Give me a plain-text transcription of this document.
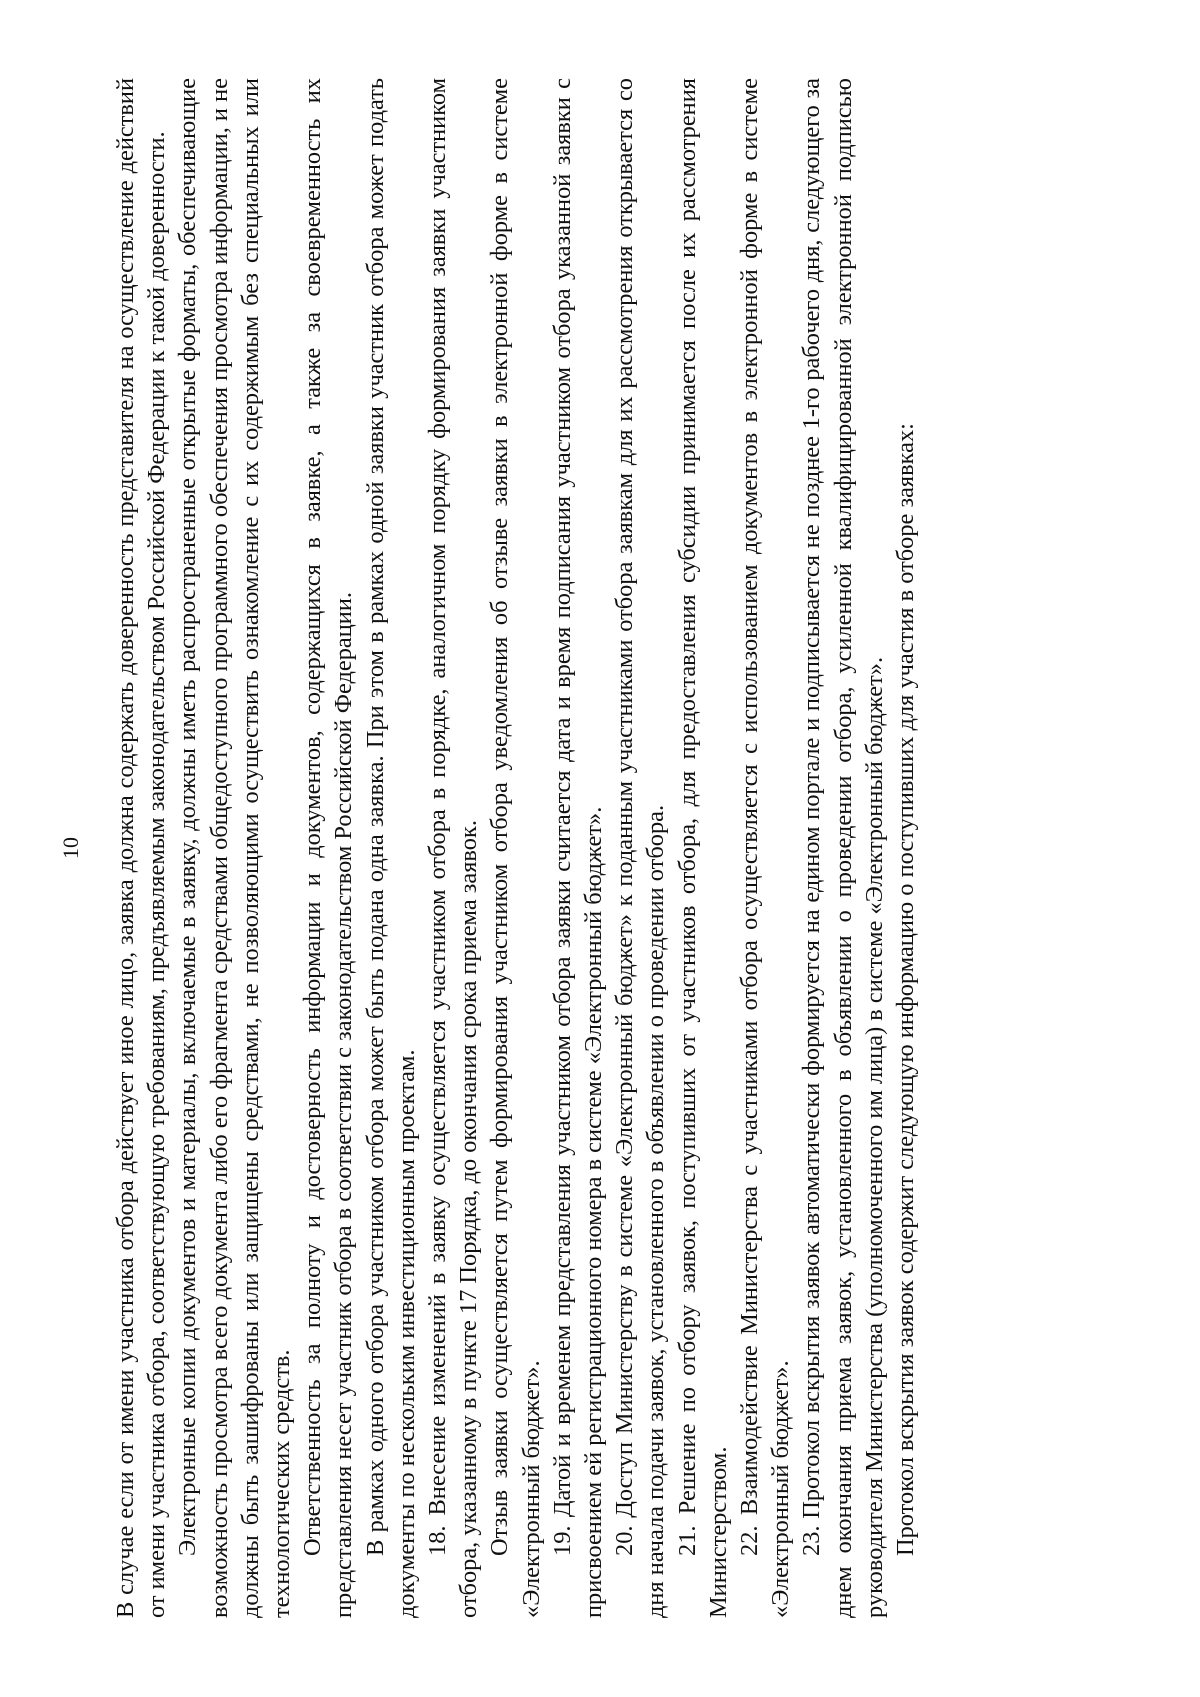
10 В случае если от имени участника отбора действует иное лицо, заявка должна содержать доверенность представителя на осуществление действий от имени участника отбора, соответствующую требованиям, предъявляемым законодательством Российской Федерации к такой доверенности. Электронные копии документов и материалы, включаемые в заявку, должны иметь распространенные открытые форматы, обеспечивающие возможность просмотра всего документа либо его фрагмента средствами общедоступного программного обеспечения просмотра информации, и не должны быть зашифрованы или защищены средствами, не позволяющими осуществить ознакомление с их содержимым без специальных или технологических средств. Ответственность за полноту и достоверность информации и документов, содержащихся в заявке, а также за своевременность их представления несет участник отбора в соответствии с законодательством Российской Федерации. В рамках одного отбора участником отбора может быть подана одна заявка. При этом в рамках одной заявки участник отбора может подать документы по нескольким инвестиционным проектам. 18. Внесение изменений в заявку осуществляется участником отбора в порядке, аналогичном порядку формирования заявки участником отбора, указанному в пункте 17 Порядка, до окончания срока приема заявок. Отзыв заявки осуществляется путем формирования участником отбора уведомления об отзыве заявки в электронной форме в системе «Электронный бюджет». 19. Датой и временем представления участником отбора заявки считается дата и время подписания участником отбора указанной заявки с присвоением ей регистрационного номера в системе «Электронный бюджет». 20. Доступ Министерству в системе «Электронный бюджет» к поданным участниками отбора заявкам для их рассмотрения открывается со дня начала подачи заявок, установленного в объявлении о проведении отбора. 21. Решение по отбору заявок, поступивших от участников отбора, для предоставления субсидии принимается после их рассмотрения Министерством. 22. Взаимодействие Министерства с участниками отбора осуществляется с использованием документов в электронной форме в системе «Электронный бюджет». 23. Протокол вскрытия заявок автоматически формируется на едином портале и подписывается не позднее 1-го рабочего дня, следующего за днем окончания приема заявок, установленного в объявлении о проведении отбора, усиленной квалифицированной электронной подписью руководителя Министерства (уполномоченного им лица) в системе «Электронный бюджет». Протокол вскрытия заявок содержит следующую информацию о поступивших для участия в отборе заявках:
